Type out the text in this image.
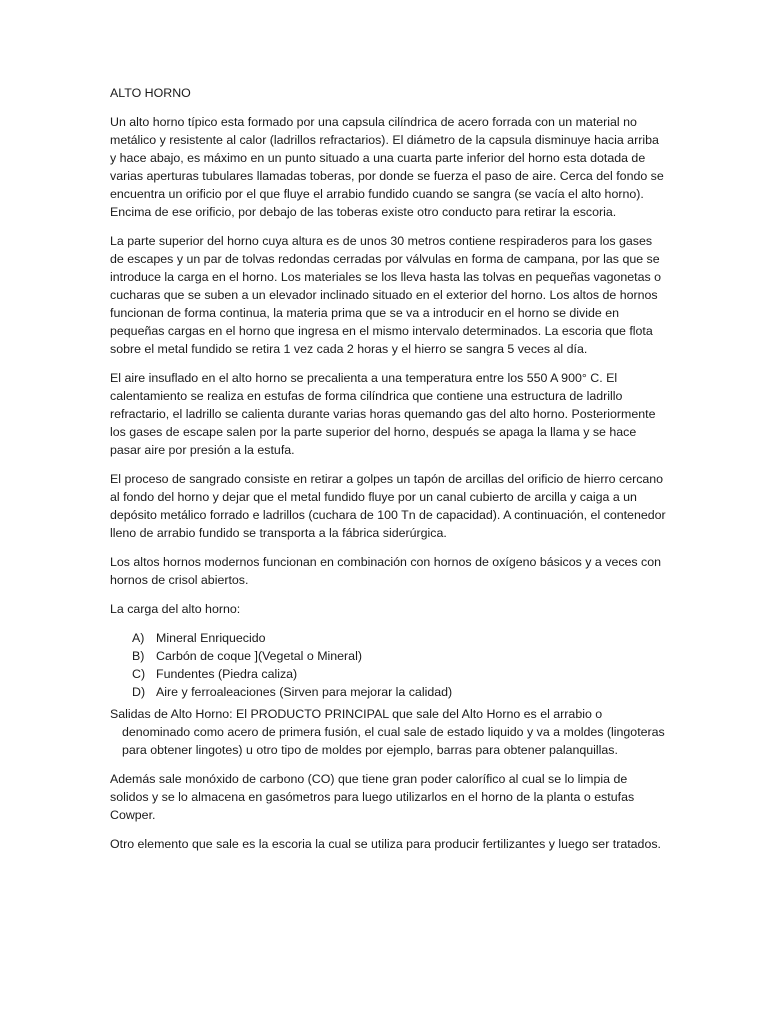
ALTO HORNO

Un alto horno típico esta formado por una capsula cilíndrica de acero forrada con un material no metálico y resistente al calor (ladrillos refractarios). El diámetro de la capsula disminuye hacia arriba y hace abajo, es máximo en un punto situado a una cuarta parte inferior del horno esta dotada de varias aperturas tubulares llamadas toberas, por donde se fuerza el paso de aire. Cerca del fondo se encuentra un orificio por el que fluye el arrabio fundido cuando se sangra (se vacía el alto horno). Encima de ese orificio, por debajo de las toberas existe otro conducto para retirar la escoria.

La parte superior del horno cuya altura es de unos 30 metros contiene respiraderos para los gases de escapes y un par de tolvas redondas cerradas por válvulas en forma de campana, por las que se introduce la carga en el horno. Los materiales se los lleva hasta las tolvas en pequeñas vagonetas o cucharas que se suben a un elevador inclinado situado en el exterior del horno. Los altos de hornos funcionan de forma continua, la materia prima que se va a introducir en el horno se divide en pequeñas cargas en el horno que ingresa en el mismo intervalo determinados. La escoria que flota sobre el metal fundido se retira 1 vez cada 2 horas y el hierro se sangra 5 veces al día.

El aire insuflado en el alto horno se precalienta a una temperatura entre los 550 A 900° C. El calentamiento se realiza en estufas de forma cilíndrica que contiene una estructura de ladrillo refractario, el ladrillo se calienta durante varias horas quemando gas del alto horno. Posteriormente los gases de escape salen por la parte superior del horno, después se apaga la llama y se hace pasar aire por presión a la estufa.

El proceso de sangrado consiste en retirar a golpes un tapón de arcillas del orificio de hierro cercano al fondo del horno y dejar que el metal fundido fluye por un canal cubierto de arcilla y caiga a un depósito metálico forrado e ladrillos (cuchara de 100 Tn de capacidad). A continuación, el contenedor lleno de arrabio fundido se transporta a la fábrica siderúrgica.

Los altos hornos modernos funcionan en combinación con hornos de oxígeno básicos y a veces con hornos de crisol abiertos.

La carga del alto horno:

A) Mineral Enriquecido
B) Carbón de coque ](Vegetal o Mineral)
C) Fundentes (Piedra caliza)
D) Aire y ferroaleaciones (Sirven para mejorar la calidad)
Salidas de Alto Horno: El PRODUCTO PRINCIPAL que sale del Alto Horno es el arrabio o
denominado como acero de primera fusión, el cual sale de estado liquido y va a moldes (lingoteras para obtener lingotes) u otro tipo de moldes por ejemplo, barras para obtener palanquillas.

Además sale monóxido de carbono (CO) que tiene gran poder calorífico al cual se lo limpia de solidos y se lo almacena en gasómetros para luego utilizarlos en el horno de la planta o estufas Cowper.

Otro elemento que sale es la escoria la cual se utiliza para producir fertilizantes y luego ser tratados.
